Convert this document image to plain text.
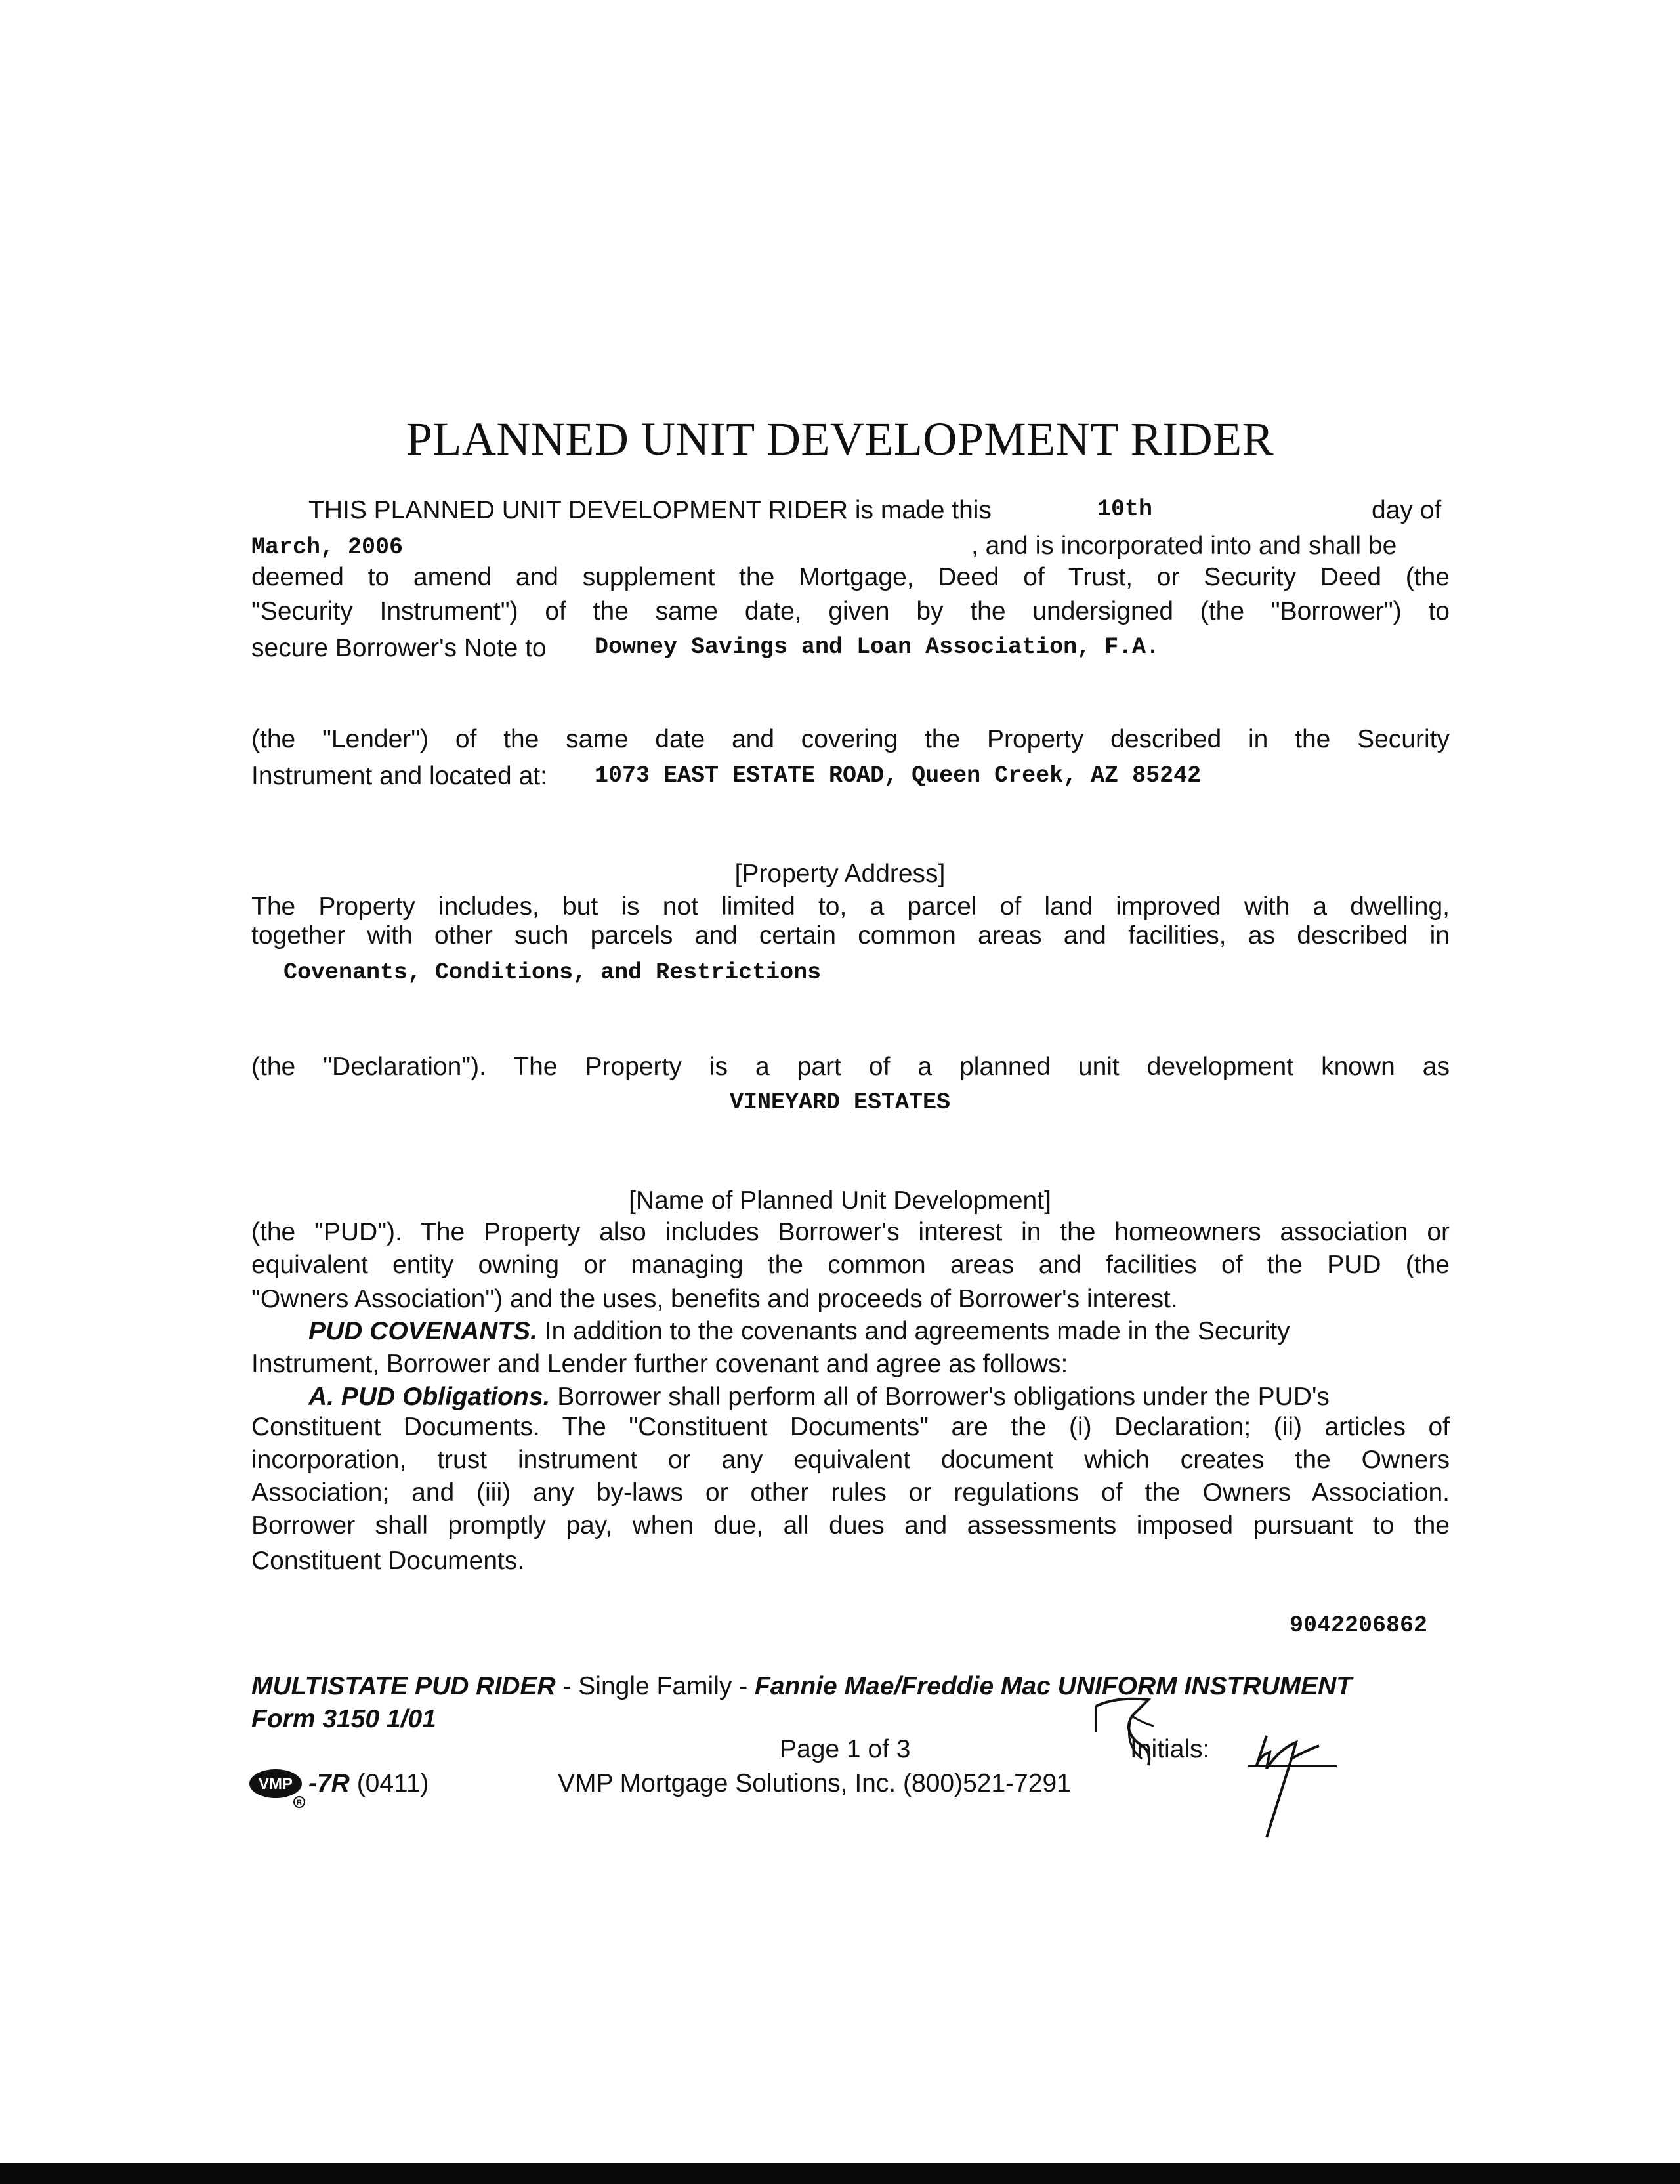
PLANNED UNIT DEVELOPMENT RIDER
THIS PLANNED UNIT DEVELOPMENT RIDER is made this	10th	day of
March, 2006	, and is incorporated into and shall be
deemed to amend and supplement the Mortgage, Deed of Trust, or Security Deed (the
"Security Instrument") of the same date, given by the undersigned (the "Borrower") to
secure Borrower's Note to Downey Savings and Loan Association, F.A.
(the "Lender") of the same date and covering the Property described in the Security
Instrument and located at: 1073 EAST ESTATE ROAD, Queen Creek, AZ 85242
[Property Address]
The Property includes, but is not limited to, a parcel of land improved with a dwelling,
together with other such parcels and certain common areas and facilities, as described in
Covenants, Conditions, and Restrictions
(the "Declaration"). The Property is a part of a planned unit development known as
VINEYARD ESTATES
[Name of Planned Unit Development]
(the "PUD"). The Property also includes Borrower's interest in the homeowners association or
equivalent entity owning or managing the common areas and facilities of the PUD (the
"Owners Association") and the uses, benefits and proceeds of Borrower's interest.
PUD COVENANTS. In addition to the covenants and agreements made in the Security
Instrument, Borrower and Lender further covenant and agree as follows:
A. PUD Obligations. Borrower shall perform all of Borrower's obligations under the PUD's
Constituent Documents. The "Constituent Documents" are the (i) Declaration; (ii) articles of
incorporation, trust instrument or any equivalent document which creates the Owners
Association; and (iii) any by-laws or other rules or regulations of the Owners Association.
Borrower shall promptly pay, when due, all dues and assessments imposed pursuant to the
Constituent Documents.
9042206862
MULTISTATE PUD RIDER - Single Family - Fannie Mae/Freddie Mac UNIFORM INSTRUMENT
Form 3150 1/01
Page 1 of 3	Initials:
VMP
R
-7R (0411)	VMP Mortgage Solutions, Inc. (800)521-7291
